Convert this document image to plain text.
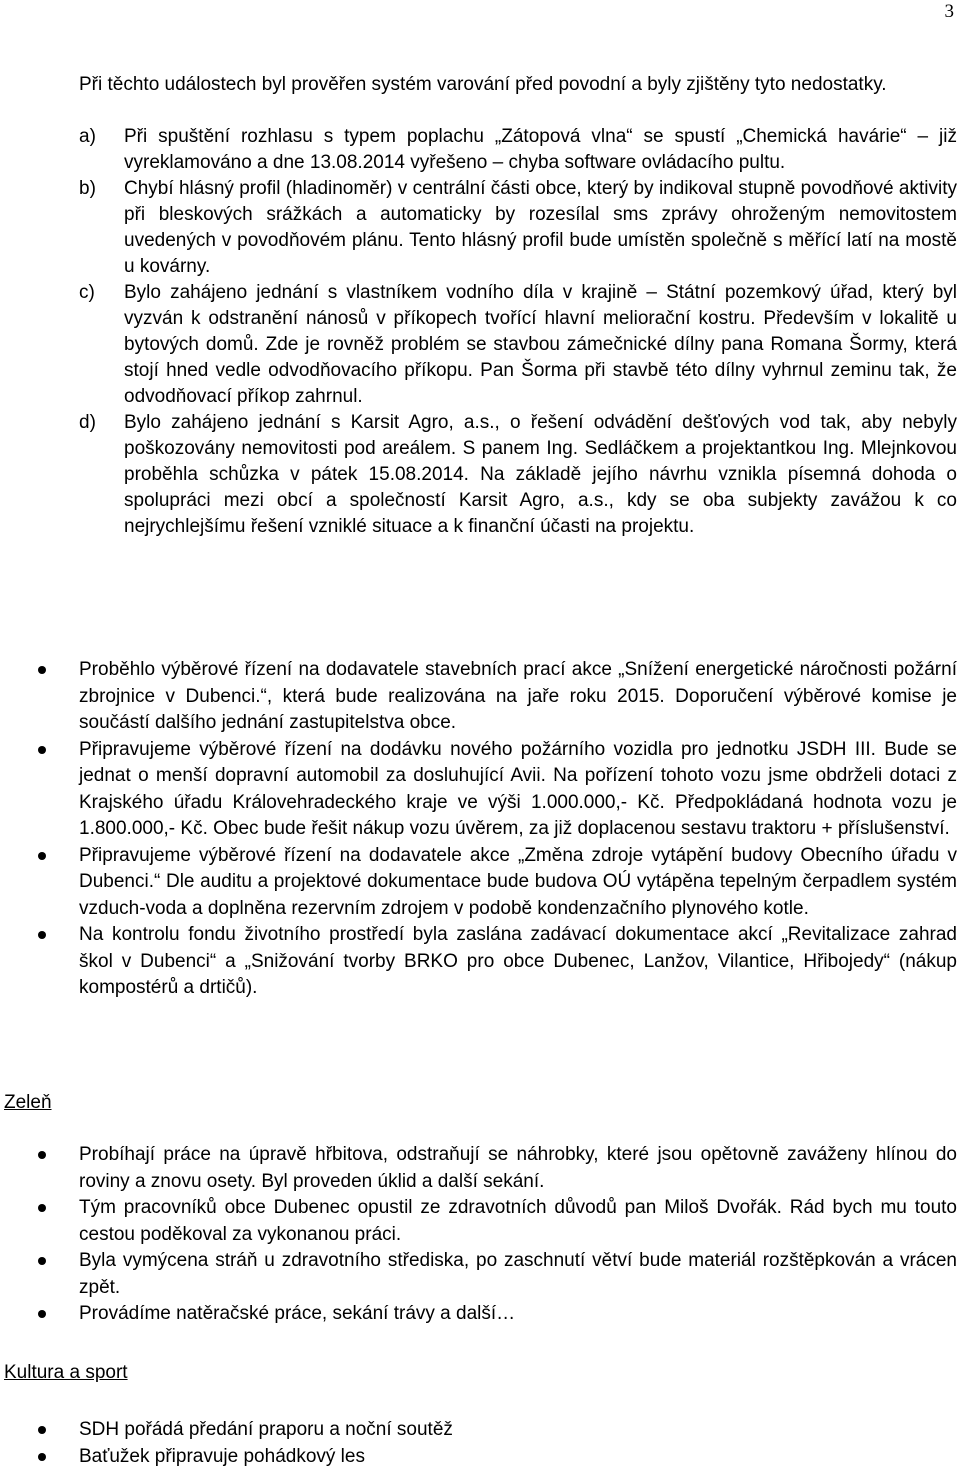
3
Při těchto událostech byl prověřen systém varování před povodní a byly zjištěny tyto nedostatky.
a) Při spuštění rozhlasu s typem poplachu „Zátopová vlna“ se spustí „Chemická havárie“ – již vyreklamováno a dne 13.08.2014 vyřešeno – chyba software ovládacího pultu.
b) Chybí hlásný profil (hladinoměr) v centrální části obce, který by indikoval stupně povodňové aktivity při bleskových srážkách a automaticky by rozesílal sms zprávy ohroženým nemovitostem uvedených v povodňovém plánu. Tento hlásný profil bude umístěn společně s měřící latí na mostě u kovárny.
c) Bylo zahájeno jednání s vlastníkem vodního díla v krajině – Státní pozemkový úřad, který byl vyzván k odstranění nánosů v příkopech tvořící hlavní meliorační kostru. Především v lokalitě u bytových domů. Zde je rovněž problém se stavbou zámečnické dílny pana Romana Šormy, která stojí hned vedle odvodňovacího příkopu. Pan Šorma při stavbě této dílny vyhrnul zeminu tak, že odvodňovací příkop zahrnul.
d) Bylo zahájeno jednání s Karsit Agro, a.s., o řešení odvádění dešťových vod tak, aby nebyly poškozovány nemovitosti pod areálem. S panem Ing. Sedláčkem a projektantkou Ing. Mlejnkovou proběhla schůzka v pátek 15.08.2014. Na základě jejího návrhu vznikla písemná dohoda o spolupráci mezi obcí a společností Karsit Agro, a.s., kdy se oba subjekty zavážou k co nejrychlejšímu řešení vzniklé situace a k finanční účasti na projektu.
Proběhlo výběrové řízení na dodavatele stavebních prací akce „Snížení energetické náročnosti požární zbrojnice v Dubenci.“, která bude realizována na jaře roku 2015. Doporučení výběrové komise je součástí dalšího jednání zastupitelstva obce.
Připravujeme výběrové řízení na dodávku nového požárního vozidla pro jednotku JSDH III. Bude se jednat o menší dopravní automobil za dosluhující Avii. Na pořízení tohoto vozu jsme obdrželi dotaci z Krajského úřadu Královehradeckého kraje ve výši 1.000.000,- Kč. Předpokládaná hodnota vozu je 1.800.000,- Kč. Obec bude řešit nákup vozu úvěrem, za již doplacenou sestavu traktoru + příslušenství.
Připravujeme výběrové řízení na dodavatele akce „Změna zdroje vytápění budovy Obecního úřadu v Dubenci.“ Dle auditu a projektové dokumentace bude budova OÚ vytápěna tepelným čerpadlem systém vzduch-voda a doplněna rezervním zdrojem v podobě kondenzačního plynového kotle.
Na kontrolu fondu životního prostředí byla zaslána zadávací dokumentace akcí „Revitalizace zahrad škol v Dubenci“ a „Snižování tvorby BRKO pro obce Dubenec, Lanžov, Vilantice, Hřibojedy“ (nákup kompostérů a drtičů).
Zeleň
Probíhají práce na úpravě hřbitova, odstraňují se náhrobky, které jsou opětovně zaváženy hlínou do roviny a znovu osety. Byl proveden úklid a další sekání.
Tým pracovníků obce Dubenec opustil ze zdravotních důvodů pan Miloš Dvořák. Rád bych mu touto cestou poděkoval za vykonanou práci.
Byla vymýcena stráň u zdravotního střediska, po zaschnutí větví bude materiál rozštěpkován a vrácen zpět.
Provádíme natěračské práce, sekání trávy a další…
Kultura a sport
SDH pořádá předání praporu a noční soutěž
Baťužek připravuje pohádkový les
